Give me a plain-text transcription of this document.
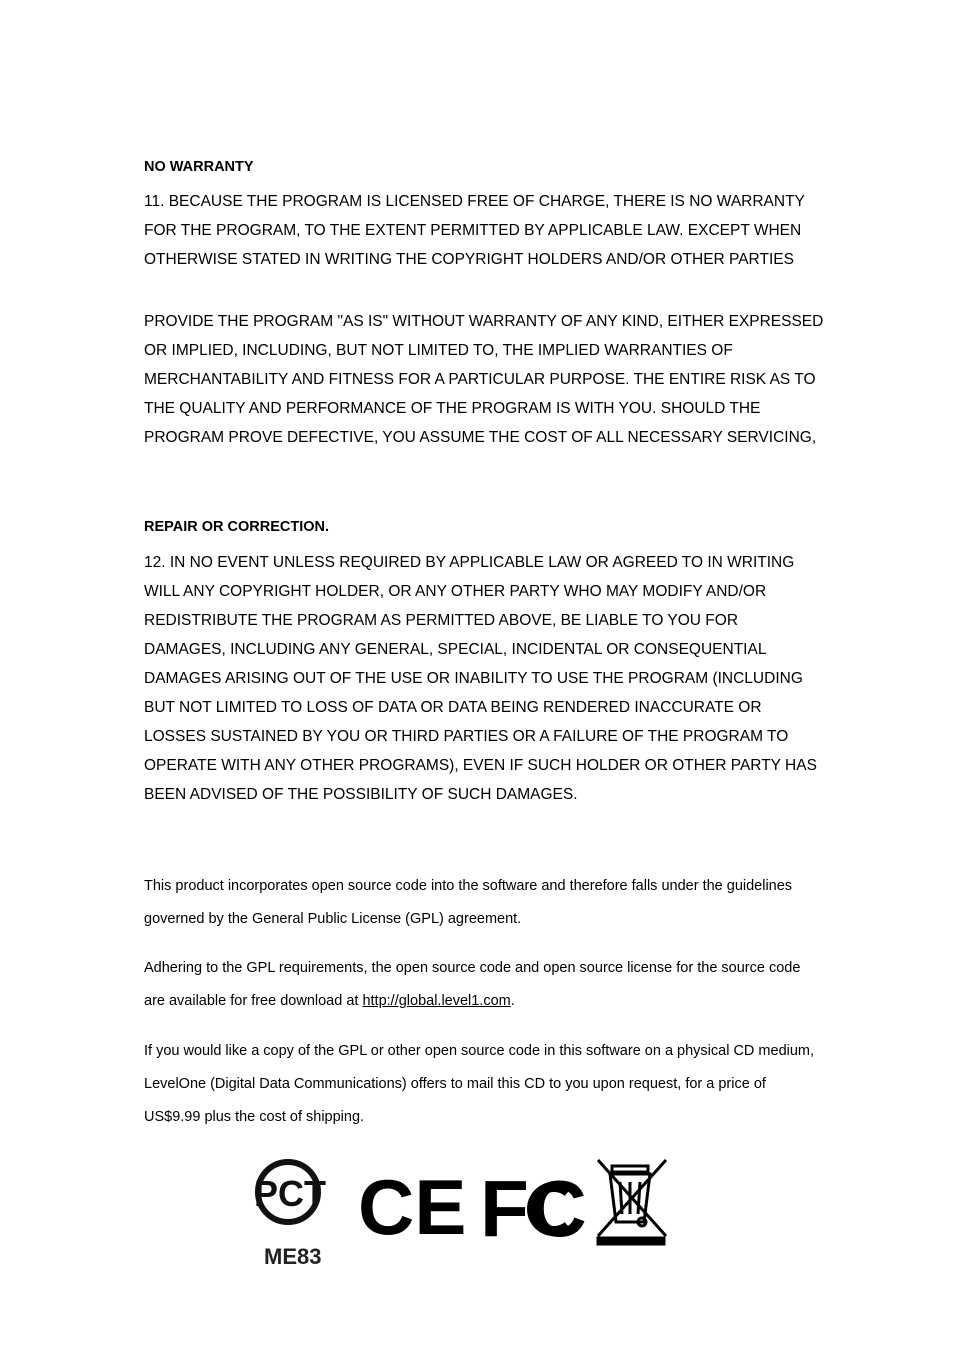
NO WARRANTY
11. BECAUSE THE PROGRAM IS LICENSED FREE OF CHARGE, THERE IS NO WARRANTY FOR THE PROGRAM, TO THE EXTENT PERMITTED BY APPLICABLE LAW. EXCEPT WHEN OTHERWISE STATED IN WRITING THE COPYRIGHT HOLDERS AND/OR OTHER PARTIES
PROVIDE THE PROGRAM "AS IS" WITHOUT WARRANTY OF ANY KIND, EITHER EXPRESSED OR IMPLIED, INCLUDING, BUT NOT LIMITED TO, THE IMPLIED WARRANTIES OF MERCHANTABILITY AND FITNESS FOR A PARTICULAR PURPOSE. THE ENTIRE RISK AS TO THE QUALITY AND PERFORMANCE OF THE PROGRAM IS WITH YOU. SHOULD THE PROGRAM PROVE DEFECTIVE, YOU ASSUME THE COST OF ALL NECESSARY SERVICING,
REPAIR OR CORRECTION.
12. IN NO EVENT UNLESS REQUIRED BY APPLICABLE LAW OR AGREED TO IN WRITING WILL ANY COPYRIGHT HOLDER, OR ANY OTHER PARTY WHO MAY MODIFY AND/OR REDISTRIBUTE THE PROGRAM AS PERMITTED ABOVE, BE LIABLE TO YOU FOR DAMAGES, INCLUDING ANY GENERAL, SPECIAL, INCIDENTAL OR CONSEQUENTIAL DAMAGES ARISING OUT OF THE USE OR INABILITY TO USE THE PROGRAM (INCLUDING BUT NOT LIMITED TO LOSS OF DATA OR DATA BEING RENDERED INACCURATE OR LOSSES SUSTAINED BY YOU OR THIRD PARTIES OR A FAILURE OF THE PROGRAM TO OPERATE WITH ANY OTHER PROGRAMS), EVEN IF SUCH HOLDER OR OTHER PARTY HAS BEEN ADVISED OF THE POSSIBILITY OF SUCH DAMAGES.
This product incorporates open source code into the software and therefore falls under the guidelines governed by the General Public License (GPL) agreement.
Adhering to the GPL requirements, the open source code and open source license for the source code are available for free download at http://global.level1.com.
If you would like a copy of the GPL or other open source code in this software on a physical CD medium, LevelOne (Digital Data Communications) offers to mail this CD to you upon request, for a price of US$9.99 plus the cost of shipping.
PCT
ME83
CE FC
